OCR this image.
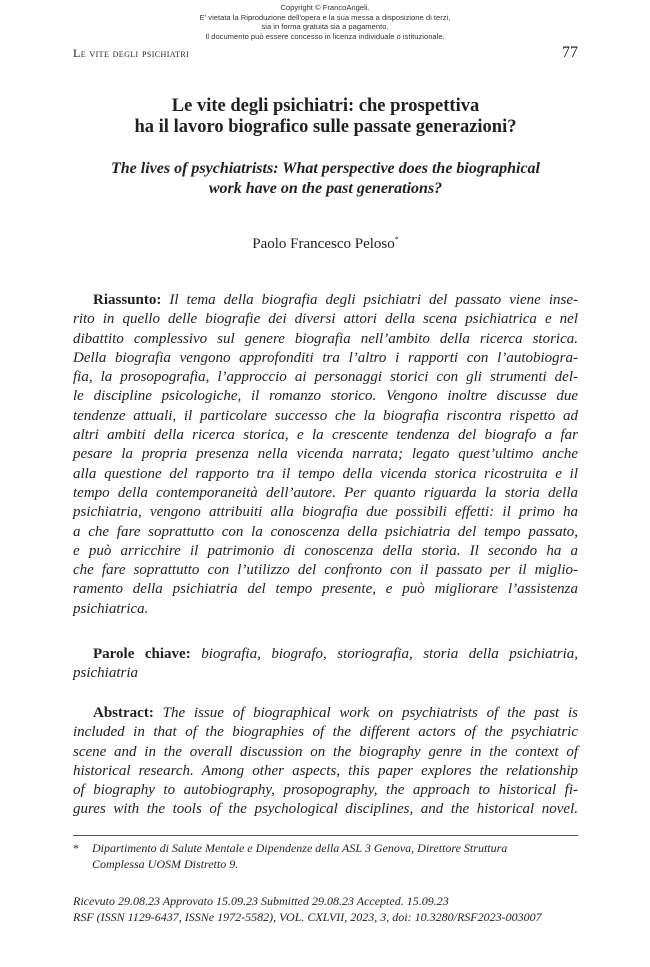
Copyright © FrancoAngeli.
E' vietata la Riproduzione dell'opera e la sua messa a disposizione di terzi,
sia in forma gratuita sia a pagamento.
Il documento può essere concesso in licenza individuale o istituzionale.
Le vite degli psichiatri	77
Le vite degli psichiatri: che prospettiva
ha il lavoro biografico sulle passate generazioni?
The lives of psychiatrists: What perspective does the biographical
work have on the past generations?
Paolo Francesco Peloso*
Riassunto: Il tema della biografia degli psichiatri del passato viene inse-
rito in quello delle biografie dei diversi attori della scena psichiatrica e nel
dibattito complessivo sul genere biografia nell’ambito della ricerca storica.
Della biografia vengono approfonditi tra l’altro i rapporti con l’autobiogra-
fia, la prosopografia, l’approccio ai personaggi storici con gli strumenti del-
le discipline psicologiche, il romanzo storico. Vengono inoltre discusse due
tendenze attuali, il particolare successo che la biografia riscontra rispetto ad
altri ambiti della ricerca storica, e la crescente tendenza del biografo a far
pesare la propria presenza nella vicenda narrata; legato quest’ultimo anche
alla questione del rapporto tra il tempo della vicenda storica ricostruita e il
tempo della contemporaneità dell’autore. Per quanto riguarda la storia della
psichiatria, vengono attribuiti alla biografia due possibili effetti: il primo ha
a che fare soprattutto con la conoscenza della psichiatria del tempo passato,
e può arricchire il patrimonio di conoscenza della storia. Il secondo ha a
che fare soprattutto con l’utilizzo del confronto con il passato per il miglio-
ramento della psichiatria del tempo presente, e può migliorare l’assistenza
psichiatrica.
Parole chiave: biografia, biografo, storiografia, storia della psichiatria,
psichiatria
Abstract: The issue of biographical work on psychiatrists of the past is
included in that of the biographies of the different actors of the psychiatric
scene and in the overall discussion on the biography genre in the context of
historical research. Among other aspects, this paper explores the relationship
of biography to autobiography, prosopography, the approach to historical fi-
gures with the tools of the psychological disciplines, and the historical novel.
* Dipartimento di Salute Mentale e Dipendenze della ASL 3 Genova, Direttore Struttura
Complessa UOSM Distretto 9.
Ricevuto 29.08.23 Approvato 15.09.23 Submitted 29.08.23 Accepted. 15.09.23
RSF (ISSN 1129-6437, ISSNe 1972-5582), VOL. CXLVII, 2023, 3, doi: 10.3280/RSF2023-003007
